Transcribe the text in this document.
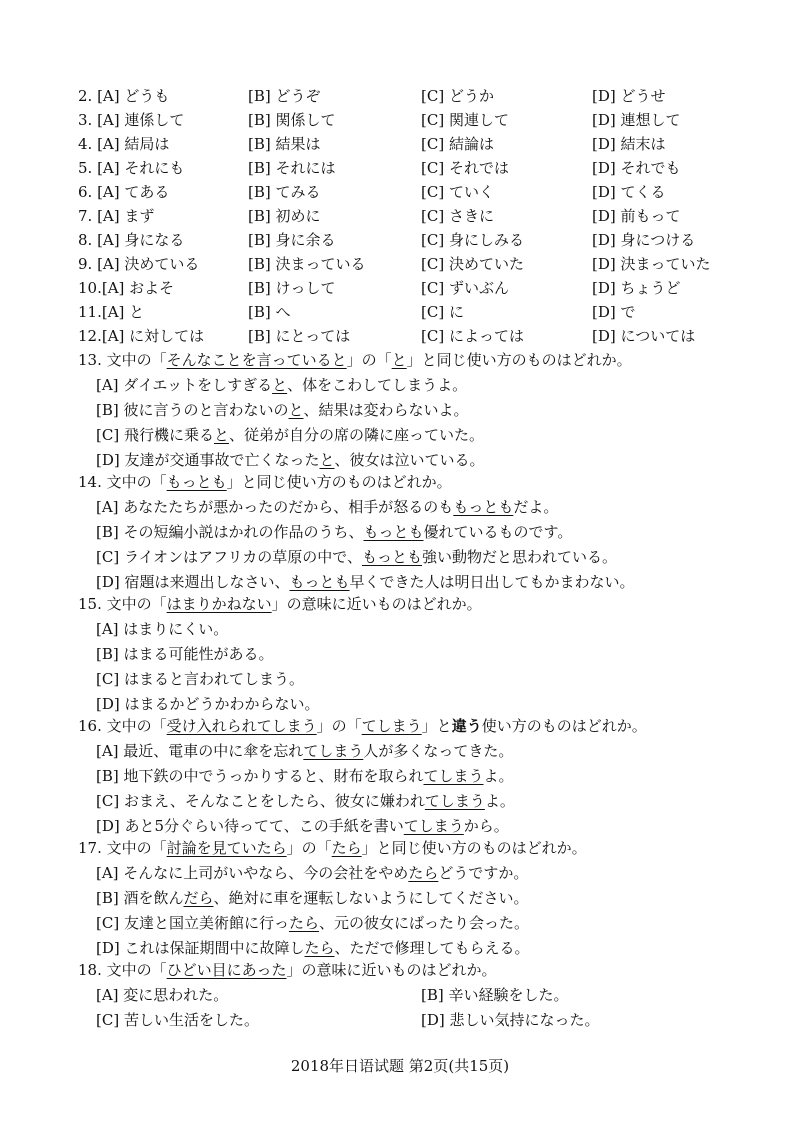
2. [A] どうも	[B] どうぞ	[C] どうか	[D] どうせ
3. [A] 連係して	[B] 関係して	[C] 関連して	[D] 連想して
4. [A] 結局は	[B] 結果は	[C] 結論は	[D] 結末は
5. [A] それにも	[B] それには	[C] それでは	[D] それでも
6. [A] てある	[B] てみる	[C] ていく	[D] てくる
7. [A] まず	[B] 初めに	[C] さきに	[D] 前もって
8. [A] 身になる	[B] 身に余る	[C] 身にしみる	[D] 身につける
9. [A] 決めている	[B] 決まっている	[C] 決めていた	[D] 決まっていた
10.[A] およそ	[B] けっして	[C] ずいぶん	[D] ちょうど
11.[A] と	[B] へ	[C] に	[D] で
12.[A] に対しては	[B] にとっては	[C] によっては	[D] については
13. 文中の「そんなことを言っていると」の「と」と同じ使い方のものはどれか。
[A] ダイエットをしすぎると、体をこわしてしまうよ。
[B] 彼に言うのと言わないのと、結果は変わらないよ。
[C] 飛行機に乗ると、従弟が自分の席の隣に座っていた。
[D] 友達が交通事故で亡くなったと、彼女は泣いている。
14. 文中の「もっとも」と同じ使い方のものはどれか。
[A] あなたたちが悪かったのだから、相手が怒るのももっともだよ。
[B] その短編小説はかれの作品のうち、もっとも優れているものです。
[C] ライオンはアフリカの草原の中で、もっとも強い動物だと思われている。
[D] 宿題は来週出しなさい、もっとも早くできた人は明日出してもかまわない。
15. 文中の「はまりかねない」の意味に近いものはどれか。
[A] はまりにくい。
[B] はまる可能性がある。
[C] はまると言われてしまう。
[D] はまるかどうかわからない。
16. 文中の「受け入れられてしまう」の「てしまう」と違う使い方のものはどれか。
[A] 最近、電車の中に傘を忘れてしまう人が多くなってきた。
[B] 地下鉄の中でうっかりすると、財布を取られてしまうよ。
[C] おまえ、そんなことをしたら、彼女に嫌われてしまうよ。
[D] あと5分ぐらい待ってて、この手紙を書いてしまうから。
17. 文中の「討論を見ていたら」の「たら」と同じ使い方のものはどれか。
[A] そんなに上司がいやなら、今の会社をやめたらどうですか。
[B] 酒を飲んだら、絶対に車を運転しないようにしてください。
[C] 友達と国立美術館に行ったら、元の彼女にばったり会った。
[D] これは保証期間中に故障したら、ただで修理してもらえる。
18. 文中の「ひどい目にあった」の意味に近いものはどれか。
[A] 変に思われた。	[B] 辛い経験をした。
[C] 苦しい生活をした。	[D] 悲しい気持になった。
2018年日语试题 第2页(共15页)
